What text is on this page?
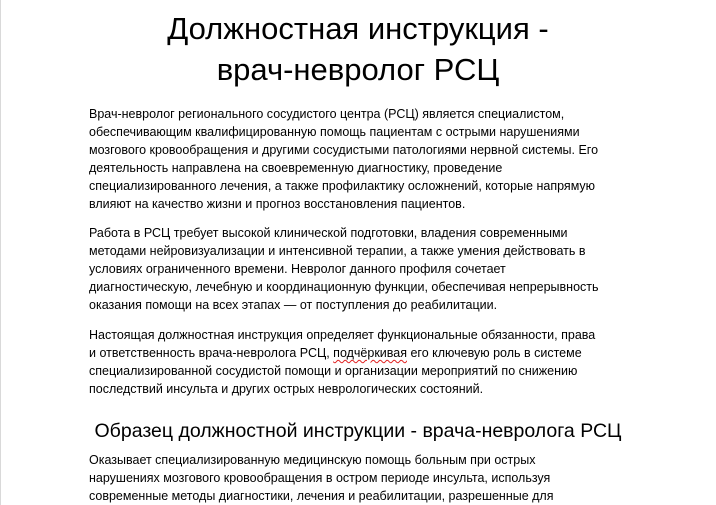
Должностная инструкция -
врач-невролог РСЦ

Врач-невролог регионального сосудистого центра (РСЦ) является специалистом,
обеспечивающим квалифицированную помощь пациентам с острыми нарушениями
мозгового кровообращения и другими сосудистыми патологиями нервной системы. Его
деятельность направлена на своевременную диагностику, проведение
специализированного лечения, а также профилактику осложнений, которые напрямую
влияют на качество жизни и прогноз восстановления пациентов.

Работа в РСЦ требует высокой клинической подготовки, владения современными
методами нейровизуализации и интенсивной терапии, а также умения действовать в
условиях ограниченного времени. Невролог данного профиля сочетает
диагностическую, лечебную и координационную функции, обеспечивая непрерывность
оказания помощи на всех этапах — от поступления до реабилитации.

Настоящая должностная инструкция определяет функциональные обязанности, права
и ответственность врача-невролога РСЦ, подчёркивая его ключевую роль в системе
специализированной сосудистой помощи и организации мероприятий по снижению
последствий инсульта и других острых неврологических состояний.

Образец должностной инструкции - врача-невролога РСЦ

Оказывает специализированную медицинскую помощь больным при острых
нарушениях мозгового кровообращения в остром периоде инсульта, используя
современные методы диагностики, лечения и реабилитации, разрешенные для
